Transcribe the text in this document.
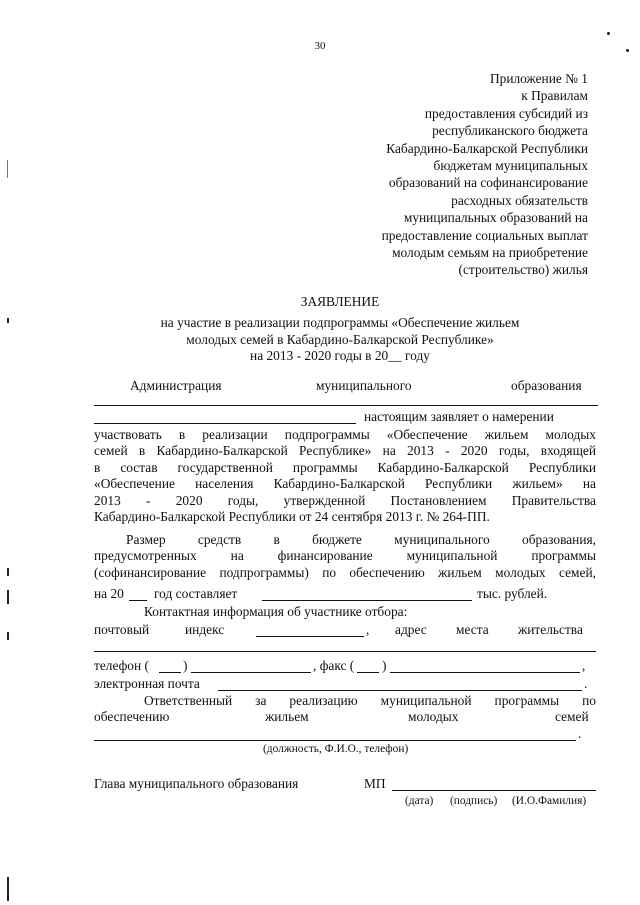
30
Приложение № 1
к Правилам
предоставления субсидий из
республиканского бюджета
Кабардино-Балкарской Республики
бюджетам муниципальных
образований на софинансирование
расходных обязательств
муниципальных образований на
предоставление социальных выплат
молодым семьям на приобретение
(строительство) жилья
ЗАЯВЛЕНИЕ
на участие в реализации подпрограммы «Обеспечение жильем
молодых семей в Кабардино-Балкарской Республике»
на 2013 - 2020 годы в 20__ году
Администрация	муниципального	образования
настоящим заявляет о намерении
участвовать в реализации подпрограммы «Обеспечение жильем молодых
семей в Кабардино-Балкарской Республике» на 2013 - 2020 годы, входящей
в состав государственной программы Кабардино-Балкарской Республики
«Обеспечение населения Кабардино-Балкарской Республики жильем» на
2013 - 2020 годы, утвержденной Постановлением Правительства
Кабардино-Балкарской Республики от 24 сентября 2013 г. № 264-ПП.
Размер средств в бюджете муниципального образования,
предусмотренных на финансирование муниципальной программы
(софинансирование подпрограммы) по обеспечению жильем молодых семей,
на 20 год составляет	тыс. рублей.
Контактная информация об участнике отбора:
почтовый	индекс	, адрес места жительства
телефон (	)	, факс ( )	,
электронная почта	.
Ответственный за реализацию муниципальной программы по
обеспечению	жильем	молодых	семей
.
(должность, Ф.И.О., телефон)
Глава муниципального образования	МП
(дата) (подпись) (И.О.Фамилия)
